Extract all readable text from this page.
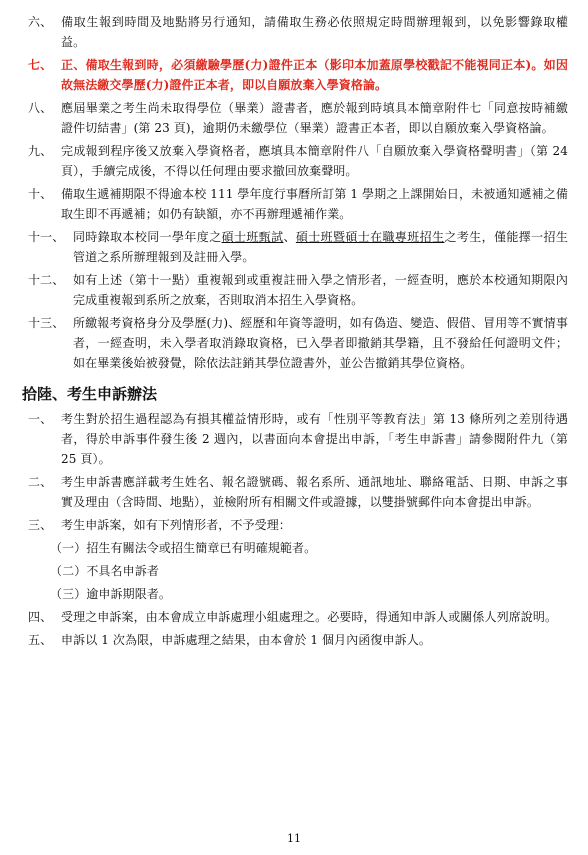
六、 備取生報到時間及地點將另行通知，請備取生務必依照規定時間辦理報到，以免影響錄取權益。
七、 正、備取生報到時，必須繳驗學歷(力)證件正本（影印本加蓋原學校戳記不能視同正本)。如因故無法繳交學歷(力)證件正本者，即以自願放棄入學資格論。
八、 應屆畢業之考生尚未取得學位（畢業）證書者，應於報到時填具本簡章附件七「同意按時補繳證件切結書」(第 23 頁)，逾期仍未繳學位（畢業）證書正本者，即以自願放棄入學資格論。
九、 完成報到程序後又放棄入學資格者，應填具本簡章附件八「自願放棄入學資格聲明書」（第 24 頁），手續完成後，不得以任何理由要求撤回放棄聲明。
十、 備取生遞補期限不得逾本校 111 學年度行事曆所訂第 1 學期之上課開始日，未被通知遞補之備取生即不再遞補；如仍有缺額，亦不再辦理遞補作業。
十一、 同時錄取本校同一學年度之碩士班甄試、碩士班暨碩士在職專班招生之考生，僅能擇一招生管道之系所辦理報到及註冊入學。
十二、 如有上述（第十一點）重複報到或重複註冊入學之情形者，一經查明，應於本校通知期限內完成重複報到系所之放棄，否則取消本招生入學資格。
十三、 所繳報考資格身分及學歷(力)、經歷和年資等證明，如有偽造、變造、假借、冒用等不實情事者，一經查明，未入學者取消錄取資格，已入學者即撤銷其學籍，且不發給任何證明文件；如在畢業後始被發覺，除依法註銷其學位證書外，並公告撤銷其學位資格。
拾陸、考生申訴辦法
一、 考生對於招生過程認為有損其權益情形時，或有「性別平等教育法」第 13 條所列之差別待遇者，得於申訴事件發生後 2 週內，以書面向本會提出申訴，「考生申訴書」請參閱附件九（第 25 頁）。
二、 考生申訴書應詳載考生姓名、報名證號碼、報名系所、通訊地址、聯絡電話、日期、申訴之事實及理由（含時間、地點），並檢附所有相關文件或證據，以雙掛號郵件向本會提出申訴。
三、 考生申訴案，如有下列情形者，不予受理：
（一） 招生有關法令或招生簡章已有明確規範者。
（二） 不具名申訴者
（三） 逾申訴期限者。
四、 受理之申訴案，由本會成立申訴處理小組處理之。必要時，得通知申訴人或關係人列席說明。
五、 申訴以 1 次為限，申訴處理之結果，由本會於 1 個月內函復申訴人。
11
